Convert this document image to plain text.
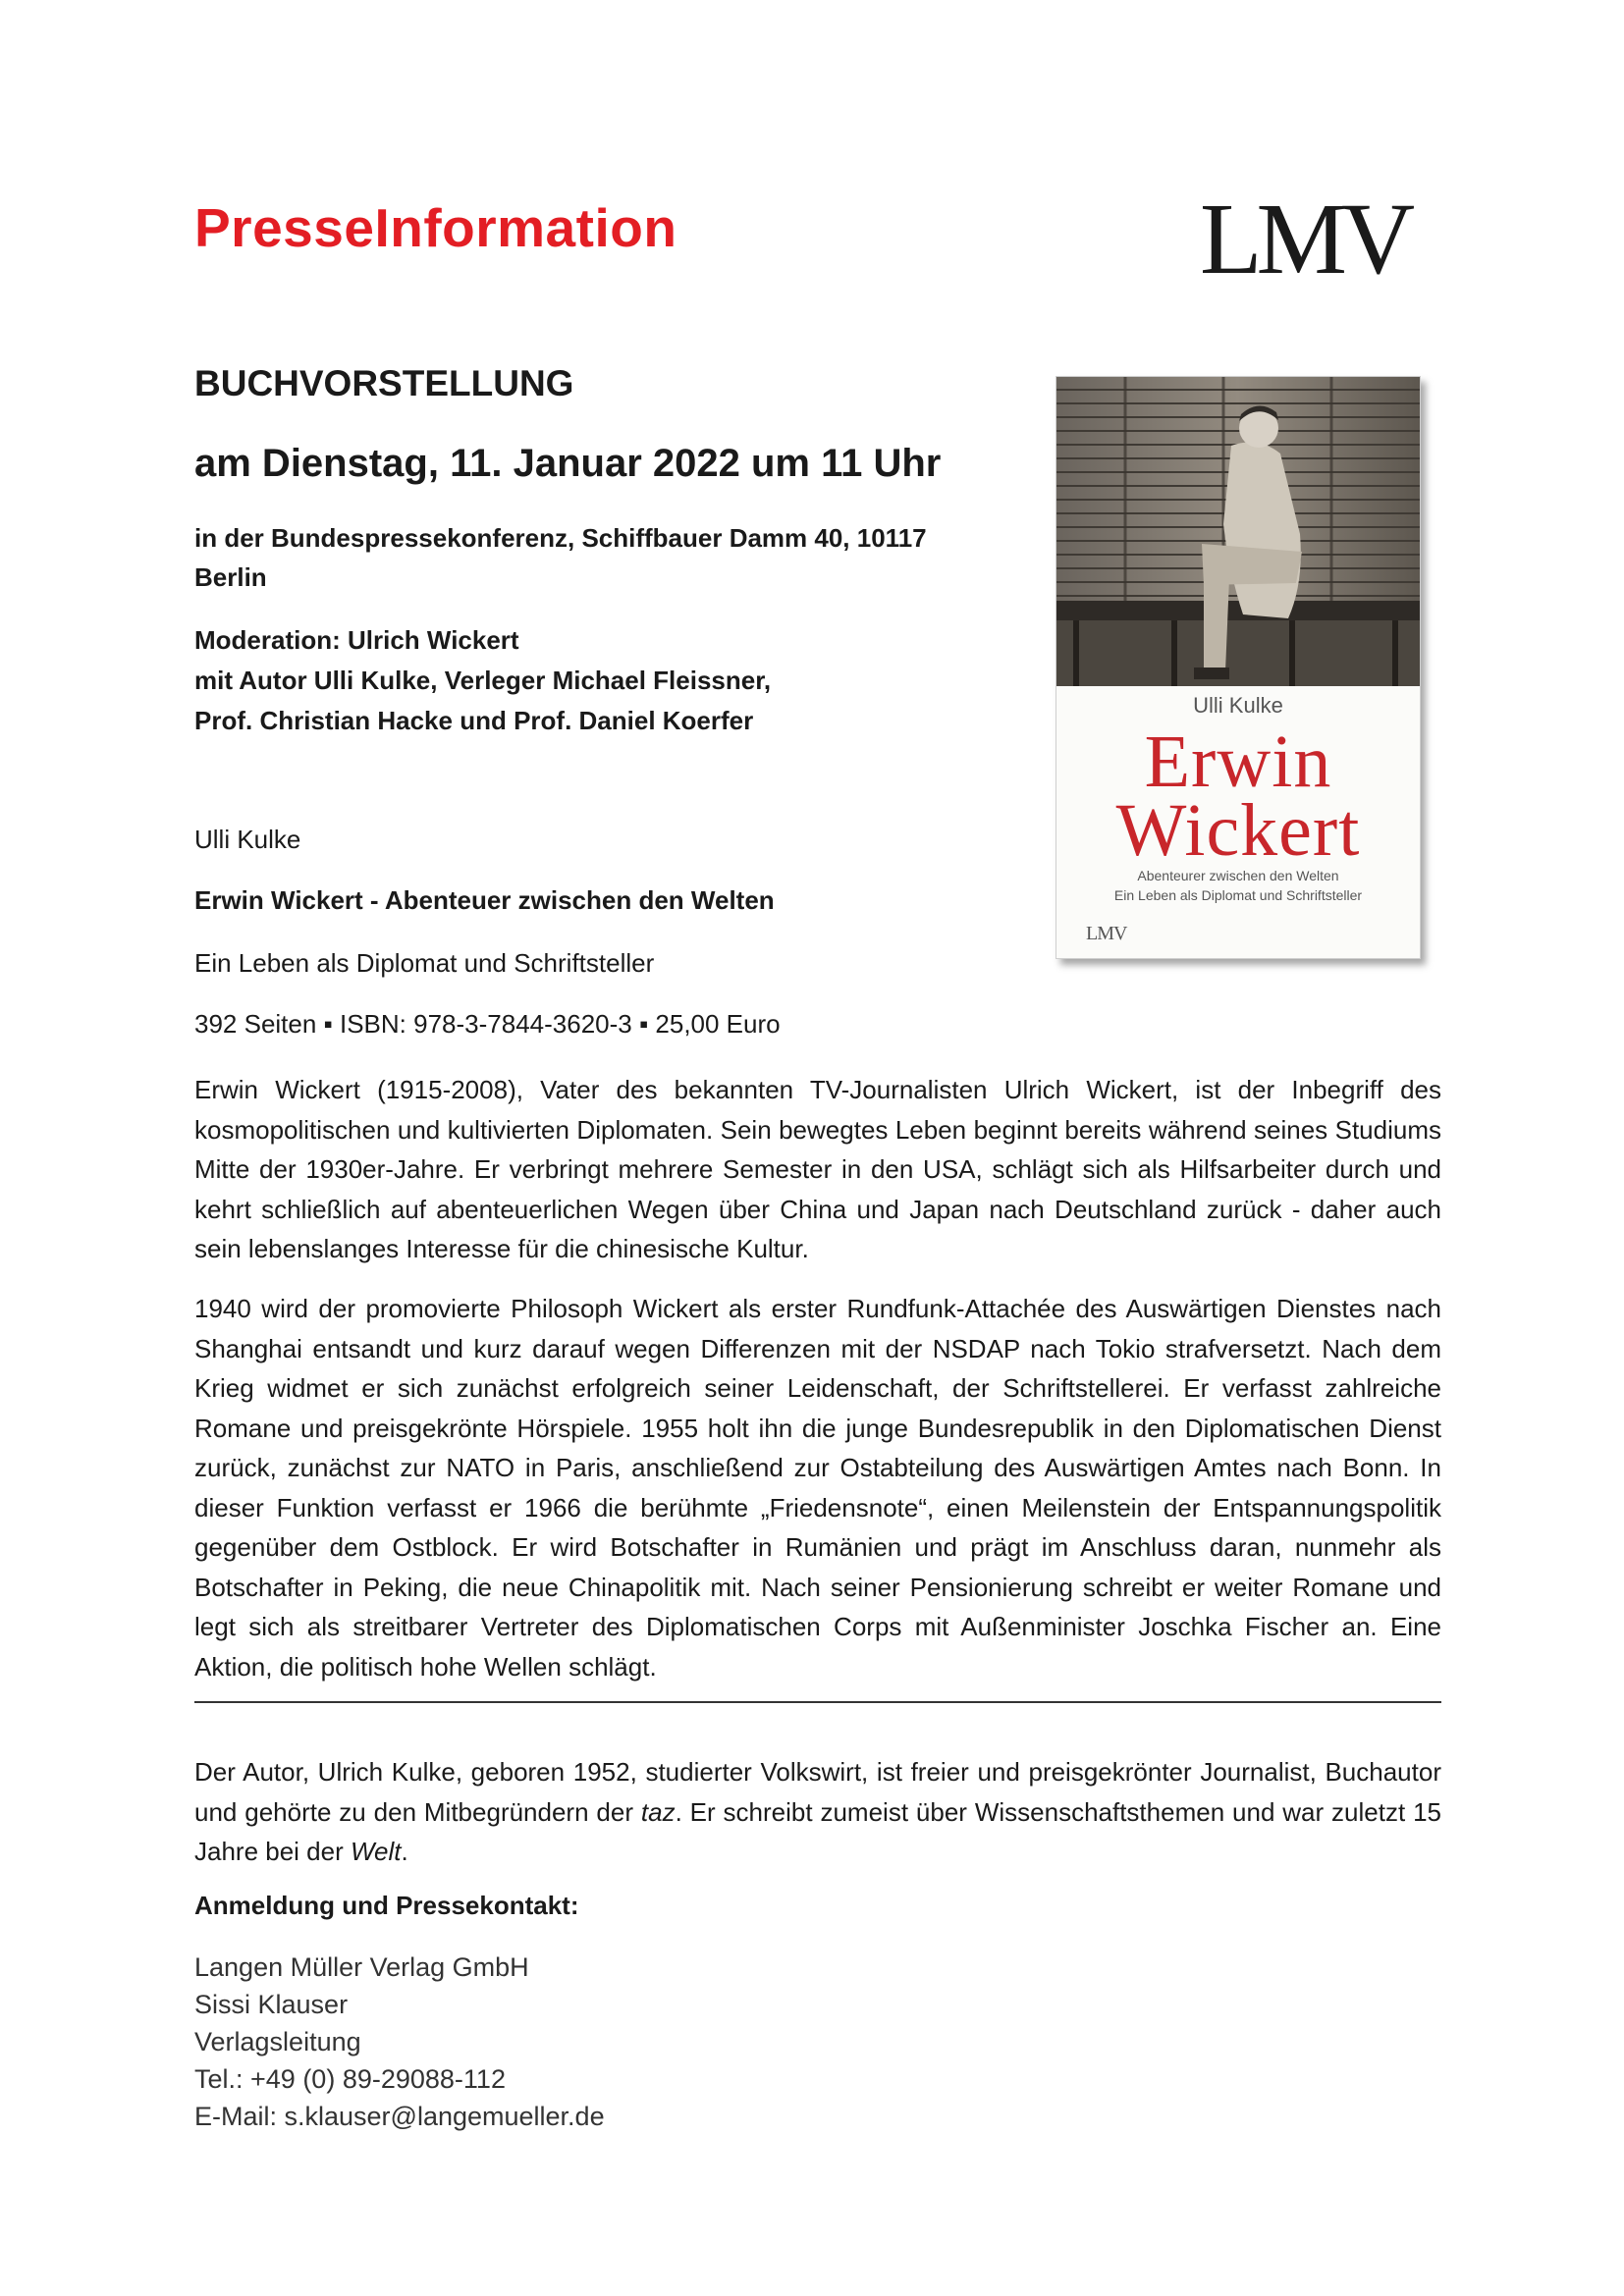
PresseInformation	LMV
BUCHVORSTELLUNG
am Dienstag, 11. Januar 2022 um 11 Uhr
in der Bundespressekonferenz, Schiffbauer Damm 40, 10117 Berlin
Moderation: Ulrich Wickert
mit Autor Ulli Kulke, Verleger Michael Fleissner,
Prof. Christian Hacke und Prof. Daniel Koerfer
Ulli Kulke
Erwin Wickert - Abenteuer zwischen den Welten
Ein Leben als Diplomat und Schriftsteller
392 Seiten ▪ ISBN: 978-3-7844-3620-3 ▪ 25,00 Euro
Ulli Kulke
Erwin
Wickert
Abenteurer zwischen den Welten
Ein Leben als Diplomat und Schriftsteller
LMV
Erwin Wickert (1915-2008), Vater des bekannten TV-Journalisten Ulrich Wickert, ist der Inbegriff des kosmopolitischen und kultivierten Diplomaten. Sein bewegtes Leben beginnt bereits während seines Studiums Mitte der 1930er-Jahre. Er verbringt mehrere Semester in den USA, schlägt sich als Hilfsarbeiter durch und kehrt schließlich auf abenteuerlichen Wegen über China und Japan nach Deutschland zurück - daher auch sein lebenslanges Interesse für die chinesische Kultur.
1940 wird der promovierte Philosoph Wickert als erster Rundfunk-Attachée des Auswärtigen Dienstes nach Shanghai entsandt und kurz darauf wegen Differenzen mit der NSDAP nach Tokio strafversetzt. Nach dem Krieg widmet er sich zunächst erfolgreich seiner Leidenschaft, der Schriftstellerei. Er verfasst zahlreiche Romane und preisgekrönte Hörspiele. 1955 holt ihn die junge Bundesrepublik in den Diplomatischen Dienst zurück, zunächst zur NATO in Paris, anschließend zur Ostabteilung des Auswärtigen Amtes nach Bonn. In dieser Funktion verfasst er 1966 die berühmte „Friedensnote“, einen Meilenstein der Entspannungspolitik gegenüber dem Ostblock. Er wird Botschafter in Rumänien und prägt im Anschluss daran, nunmehr als Botschafter in Peking, die neue Chinapolitik mit. Nach seiner Pensionierung schreibt er weiter Romane und legt sich als streitbarer Vertreter des Diplomatischen Corps mit Außenminister Joschka Fischer an. Eine Aktion, die politisch hohe Wellen schlägt.
Der Autor, Ulrich Kulke, geboren 1952, studierter Volkswirt, ist freier und preisgekrönter Journalist, Buchautor und gehörte zu den Mitbegründern der taz. Er schreibt zumeist über Wissenschaftsthemen und war zuletzt 15 Jahre bei der Welt.
Anmeldung und Pressekontakt:
Langen Müller Verlag GmbH
Sissi Klauser
Verlagsleitung
Tel.: +49 (0) 89-29088-112
E-Mail: s.klauser@langemueller.de
